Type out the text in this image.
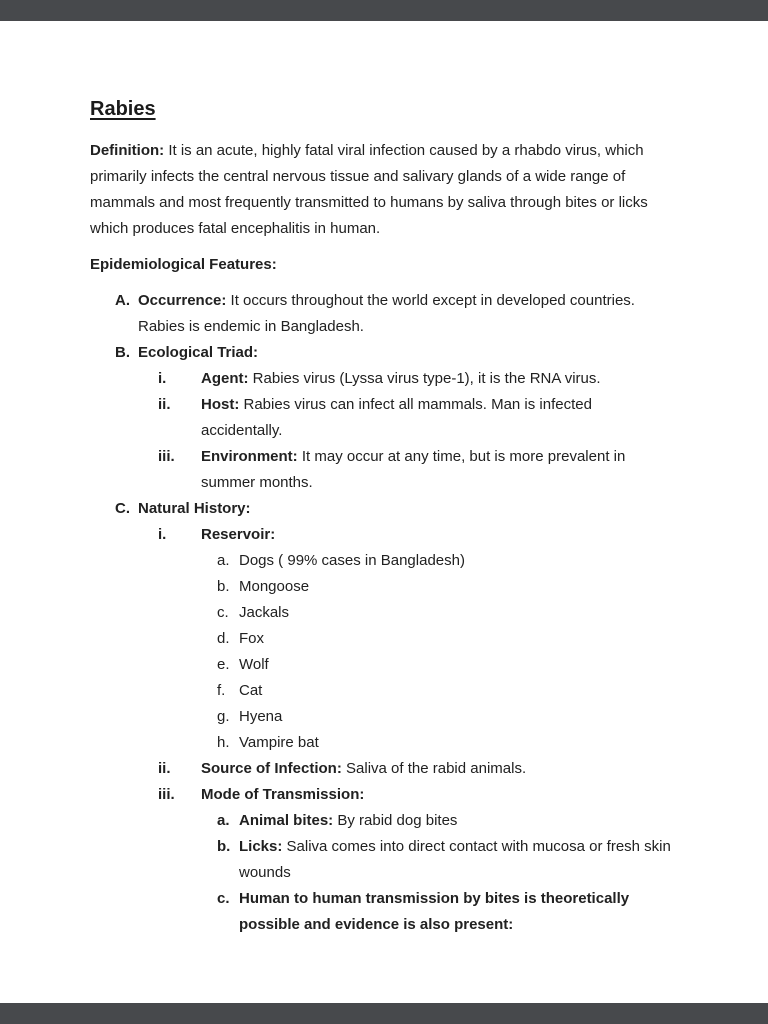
Rabies

Definition: It is an acute, highly fatal viral infection caused by a rhabdo virus, which primarily infects the central nervous tissue and salivary glands of a wide range of mammals and most frequently transmitted to humans by saliva through bites or licks which produces fatal encephalitis in human.

Epidemiological Features:

A. Occurrence: It occurs throughout the world except in developed countries. Rabies is endemic in Bangladesh.
B. Ecological Triad:
i.	Agent: Rabies virus (Lyssa virus type-1), it is the RNA virus.
ii.	Host: Rabies virus can infect all mammals. Man is infected accidentally.
iii.	Environment: It may occur at any time, but is more prevalent in summer months.
C. Natural History:
i.	Reservoir:
a. Dogs ( 99% cases in Bangladesh)
b. Mongoose
c. Jackals
d. Fox
e. Wolf
f. Cat
g. Hyena
h. Vampire bat
ii.	Source of Infection: Saliva of the rabid animals.
iii.	Mode of Transmission:
a. Animal bites: By rabid dog bites
b. Licks: Saliva comes into direct contact with mucosa or fresh skin wounds
c. Human to human transmission by bites is theoretically possible and evidence is also present:
